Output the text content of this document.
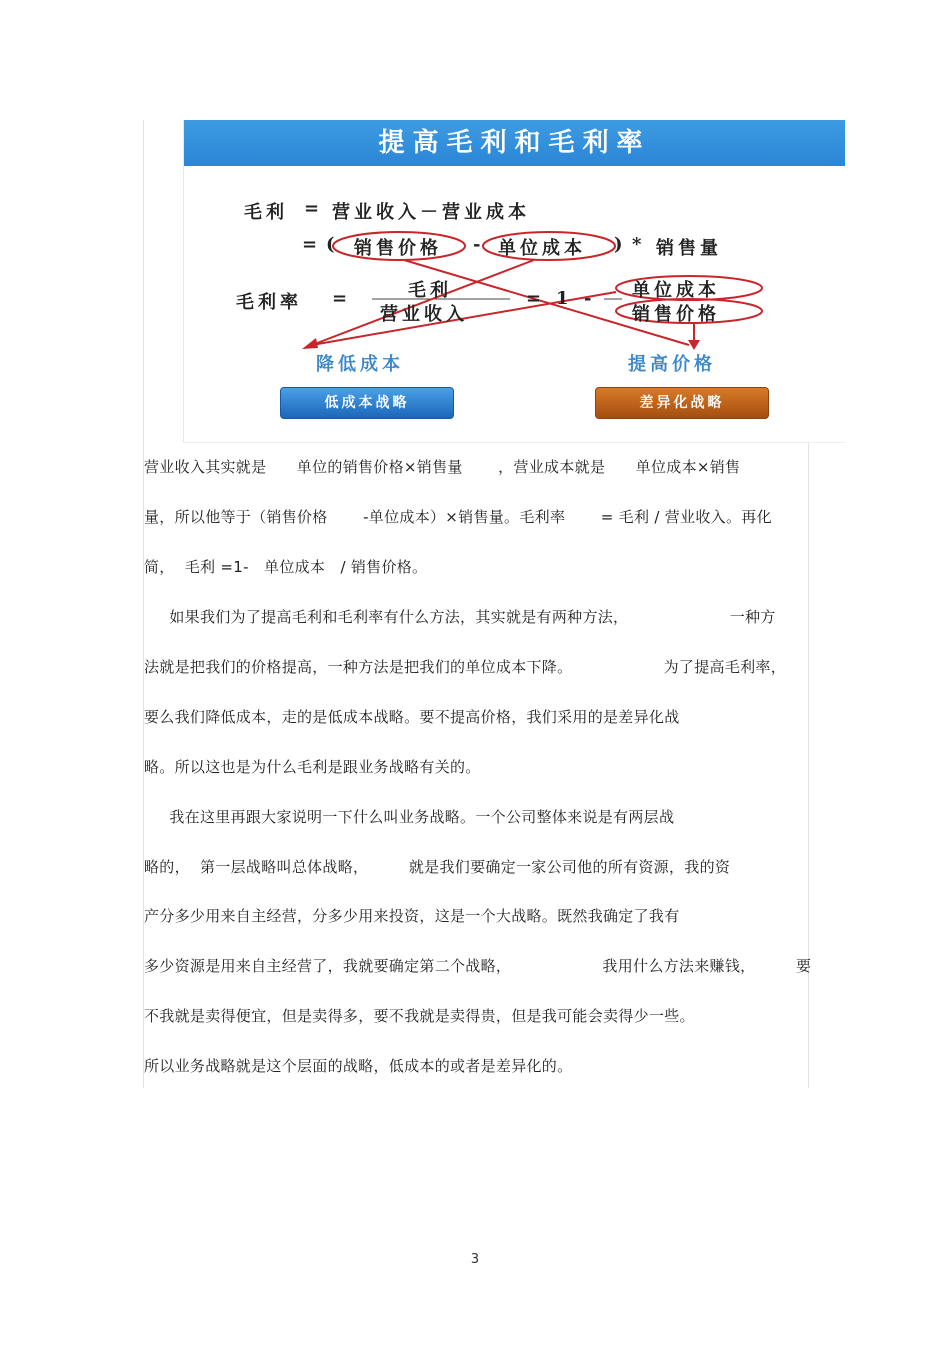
提高毛利和毛利率
毛利 = 营业收入－营业成本
= ( 销售价格 - 单位成本 ) * 销售量
毛利率 =	毛利
营业收入
= 1 - 单位成本
销售价格
降低成本	提高价格
低成本战略	差异化战略
营业收入其实就是      单位的销售价格×销售量       ，营业成本就是      单位成本×销售
量，所以他等于（销售价格       -单位成本）×销售量。毛利率       = 毛利 / 营业收入。再化
简，  毛利 =1-   单位成本   / 销售价格。
如果我们为了提高毛利和毛利率有什么方法，其实就是有两种方法，                    一种方
法就是把我们的价格提高，一种方法是把我们的单位成本下降。                  为了提高毛利率，
要么我们降低成本，走的是低成本战略。要不提高价格，我们采用的是差异化战
略。所以这也是为什么毛利是跟业务战略有关的。
我在这里再跟大家说明一下什么叫业务战略。一个公司整体来说是有两层战
略的，  第一层战略叫总体战略，        就是我们要确定一家公司他的所有资源，我的资
产分多少用来自主经营，分多少用来投资，这是一个大战略。既然我确定了我有
多少资源是用来自主经营了，我就要确定第二个战略，                  我用什么方法来赚钱，        要
不我就是卖得便宜，但是卖得多，要不我就是卖得贵，但是我可能会卖得少一些。
所以业务战略就是这个层面的战略，低成本的或者是差异化的。
3
